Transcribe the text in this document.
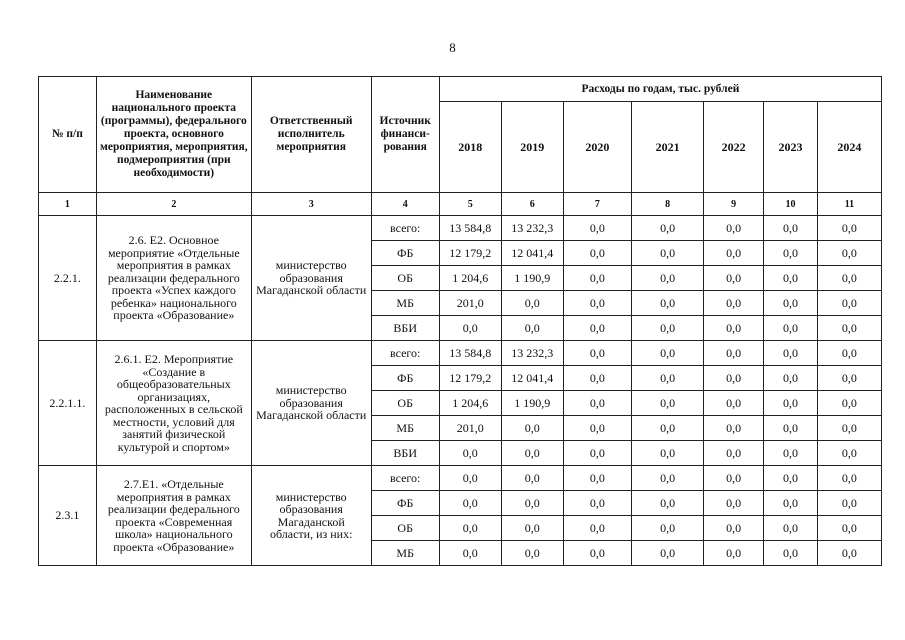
8
№ п/п	Наименование национального проекта (программы), федерального проекта, основного мероприятия, мероприятия, подмероприятия (при необходимости)	Ответственный исполнитель мероприятия	Источник финанси-рования	Расходы по годам, тыс. рублей						
				2018	2019	2020	2021	2022	2023	2024
1	2	3	4	5	6	7	8	9	10	11
2.2.1.	2.6. Е2. Основное мероприятие «Отдельные мероприятия в рамках реализации федерального проекта «Успех каждого ребенка» национального проекта «Образование»	министерство образования Магаданской области	всего:	13 584,8	13 232,3	0,0	0,0	0,0	0,0	0,0
			ФБ	12 179,2	12 041,4	0,0	0,0	0,0	0,0	0,0
			ОБ	1 204,6	1 190,9	0,0	0,0	0,0	0,0	0,0
			МБ	201,0	0,0	0,0	0,0	0,0	0,0	0,0
			ВБИ	0,0	0,0	0,0	0,0	0,0	0,0	0,0
2.2.1.1.	2.6.1. Е2. Мероприятие «Создание в общеобразовательных организациях, расположенных в сельской местности, условий для занятий физической культурой и спортом»	министерство образования Магаданской области	всего:	13 584,8	13 232,3	0,0	0,0	0,0	0,0	0,0
			ФБ	12 179,2	12 041,4	0,0	0,0	0,0	0,0	0,0
			ОБ	1 204,6	1 190,9	0,0	0,0	0,0	0,0	0,0
			МБ	201,0	0,0	0,0	0,0	0,0	0,0	0,0
			ВБИ	0,0	0,0	0,0	0,0	0,0	0,0	0,0
2.3.1	2.7.Е1. «Отдельные мероприятия в рамках реализации федерального проекта «Современная школа» национального проекта «Образование»	министерство образования Магаданской области, из них:	всего:	0,0	0,0	0,0	0,0	0,0	0,0	0,0
			ФБ	0,0	0,0	0,0	0,0	0,0	0,0	0,0
			ОБ	0,0	0,0	0,0	0,0	0,0	0,0	0,0
			МБ	0,0	0,0	0,0	0,0	0,0	0,0	0,0
